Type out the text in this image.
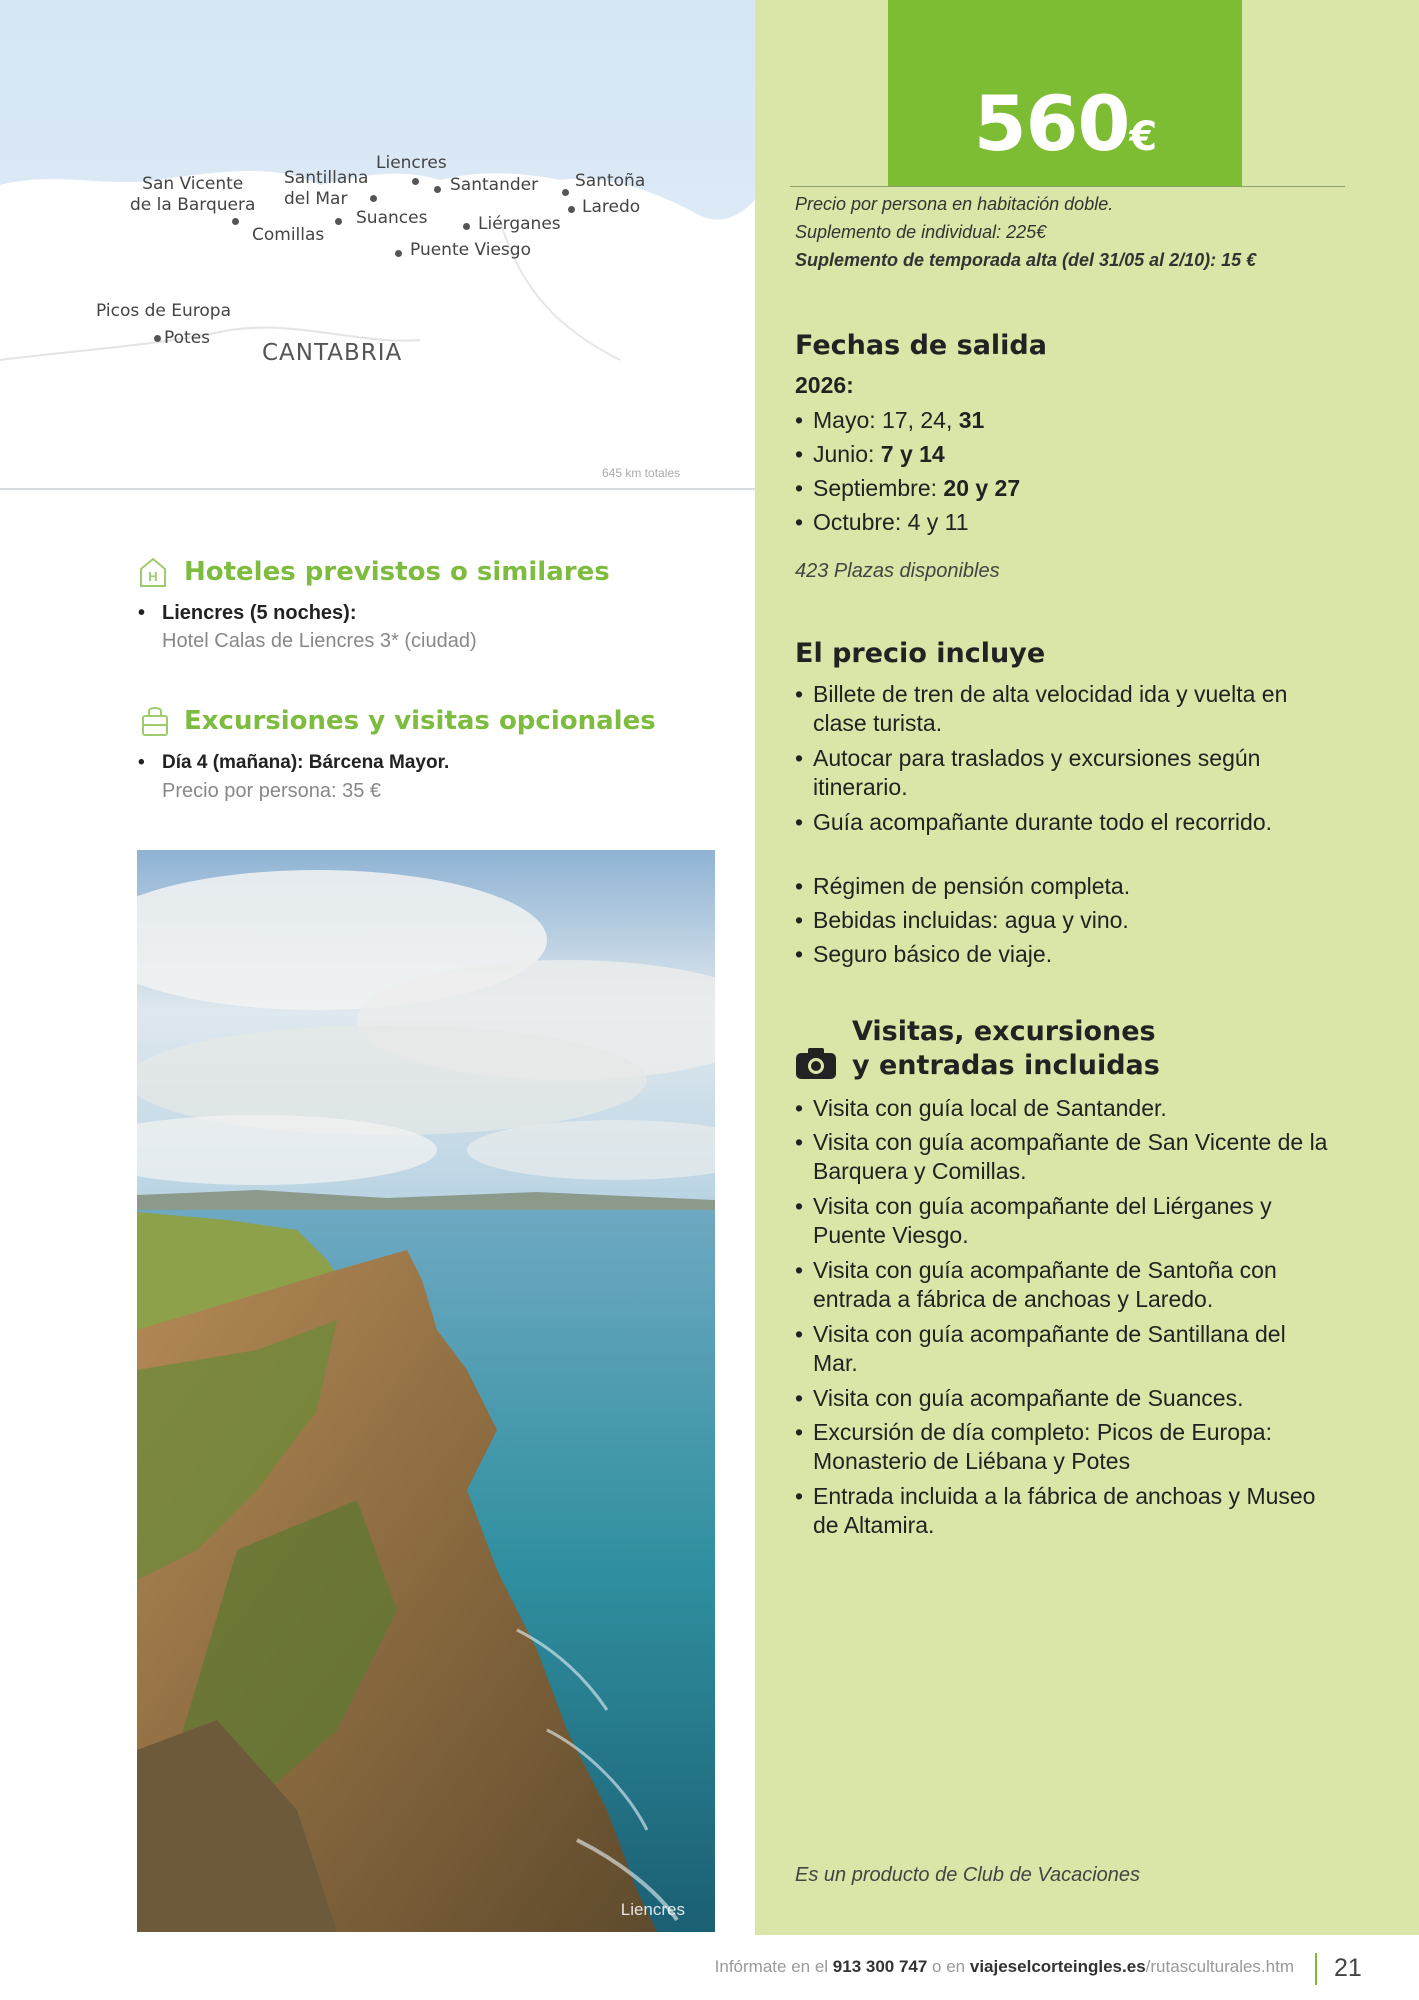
San Vicente
de la Barquera
Santillana
del Mar
Liencres
Santander Santoña
Laredo
Comillas
Suances	Liérganes
Puente Viesgo
Picos de Europa
Potes
CANTABRIA
645 km totales
H Hoteles previstos o similares
• Liencres (5 noches):
Hotel Calas de Liencres 3* (ciudad)
Excursiones y visitas opcionales
• Día 4 (mañana): Bárcena Mayor.
Precio por persona: 35 €
Liencres
560€
Precio por persona en habitación doble.
Suplemento de individual: 225€
Suplemento de temporada alta (del 31/05 al 2/10): 15 €
Fechas de salida
2026:
• Mayo: 17, 24, 31
• Junio: 7 y 14
• Septiembre: 20 y 27
• Octubre: 4 y 11
423 Plazas disponibles
El precio incluye
• Billete de tren de alta velocidad ida y vuelta en clase turista.
• Autocar para traslados y excursiones según itinerario.
• Guía acompañante durante todo el recorrido.
• Régimen de pensión completa.
• Bebidas incluidas: agua y vino.
• Seguro básico de viaje.
Visitas, excursiones
y entradas incluidas
• Visita con guía local de Santander.
• Visita con guía acompañante de San Vicente de la Barquera y Comillas.
• Visita con guía acompañante del Liérganes y Puente Viesgo.
• Visita con guía acompañante de Santoña con entrada a fábrica de anchoas y Laredo.
• Visita con guía acompañante de Santillana del Mar.
• Visita con guía acompañante de Suances.
• Excursión de día completo: Picos de Europa: Monasterio de Liébana y Potes
• Entrada incluida a la fábrica de anchoas y Museo de Altamira.
Es un producto de Club de Vacaciones
Infórmate en el 913 300 747 o en viajeselcorteingles.es/rutasculturales.htm 21
